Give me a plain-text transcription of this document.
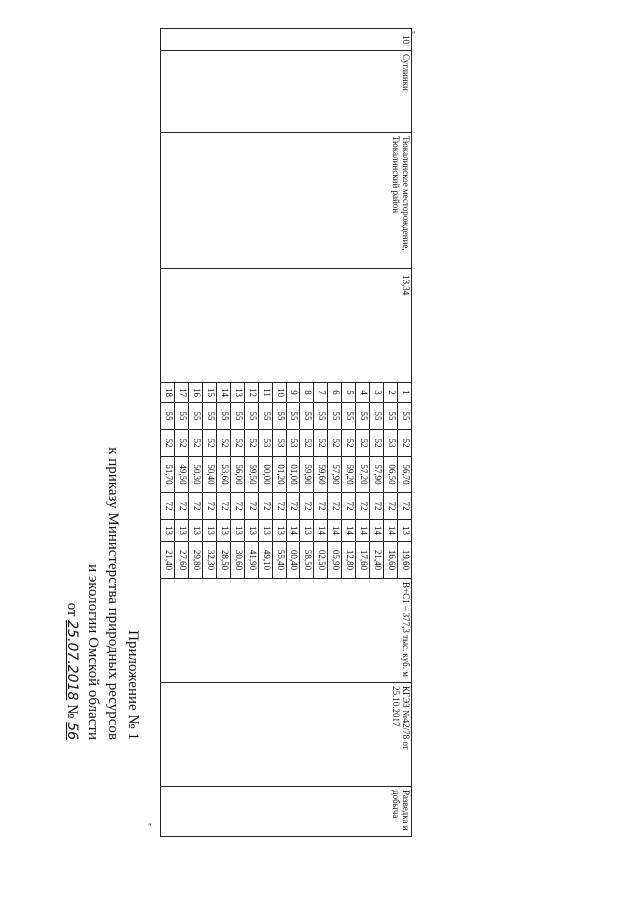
Приложение № 1
к приказу Министерства природных ресурсов
и экологии Омской области
от 25.07.2018 № 56
"
"
10	Суглинки	Тюкалинское месторождение, Тюкалинский район	13,34	1	55	52	56,70	72	13	19,60	В+С1 – 377,3 тыс. куб. м	КГЭЗ №42/78 от 25.10.2017	Разведка и добыча
				2	55	53	06,50	72	14	16,60			
				3	55	52	57,90	72	14	21,40			
				4	55	52	57,20	72	14	17,60			
				5	55	52	59,20	72	14	12,80			
				6	55	52	57,90	72	14	05,90			
				7	55	52	59,60	72	14	02,50			
				8	55	52	59,90	72	13	58,50			
				9	55	53	01,00	72	14	00,40			
				10	55	53	01,20	72	13	55,40			
				11	55	53	00,00	72	13	49,10			
				12	55	52	59,50	72	13	41,90			
				13	55	52	56,00	72	13	30,60			
				14	55	52	53,60	72	13	28,50			
				15	55	52	50,40	72	13	32,30			
				16	55	52	50,30	72	13	29,80			
				17	55	52	49,50	72	13	27,60			
				18	55	52	51,70	72	13	21,40			
